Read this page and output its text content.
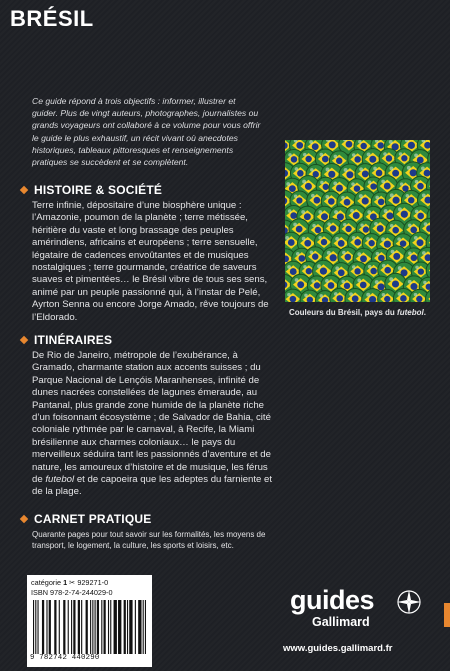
BRÉSIL
Ce guide répond à trois objectifs : informer, illustrer et guider. Plus de vingt auteurs, photographes, journalistes ou grands voyageurs ont collaboré à ce volume pour vous offrir le guide le plus exhaustif, un récit vivant où anecdotes historiques, tableaux pittoresques et renseignements pratiques se succèdent et se complètent.
Couleurs du Brésil, pays du futebol.
HISTOIRE & SOCIÉTÉ
Terre infinie, dépositaire d’une biosphère unique : l’Amazonie, poumon de la planète ; terre métissée, héritière du vaste et long brassage des peuples amérindiens, africains et européens ; terre sensuelle, légataire de cadences envoûtantes et de musiques nostalgiques ; terre gourmande, créatrice de saveurs suaves et pimentées… le Brésil vibre de tous ses sens, animé par un peuple passionné qui, à l’instar de Pelé, Ayrton Senna ou encore Jorge Amado, rêve toujours de l’Eldorado.
ITINÉRAIRES
De Rio de Janeiro, métropole de l’exubérance, à Gramado, charmante station aux accents suisses ; du Parque Nacional de Lençóis Maranhenses, infinité de dunes nacrées constellées de lagunes émeraude, au Pantanal, plus grande zone humide de la planète riche d’un foisonnant écosystème ; de Salvador de Bahia, cité coloniale rythmée par le carnaval, à Recife, la Miami brésilienne aux charmes coloniaux… le pays du merveilleux séduira tant les passionnés d’aventure et de nature, les amoureux d’histoire et de musique, les férus de futebol et de capoeira que les adeptes du farniente et de la plage.
CARNET PRATIQUE
Quarante pages pour tout savoir sur les formalités, les moyens de transport, le logement, la culture, les sports et loisirs, etc.
catégorie 1 ✂ 929271-0
ISBN 978-2-74-244029-0
9 782742 440290
guides
Gallimard
www.guides.gallimard.fr
